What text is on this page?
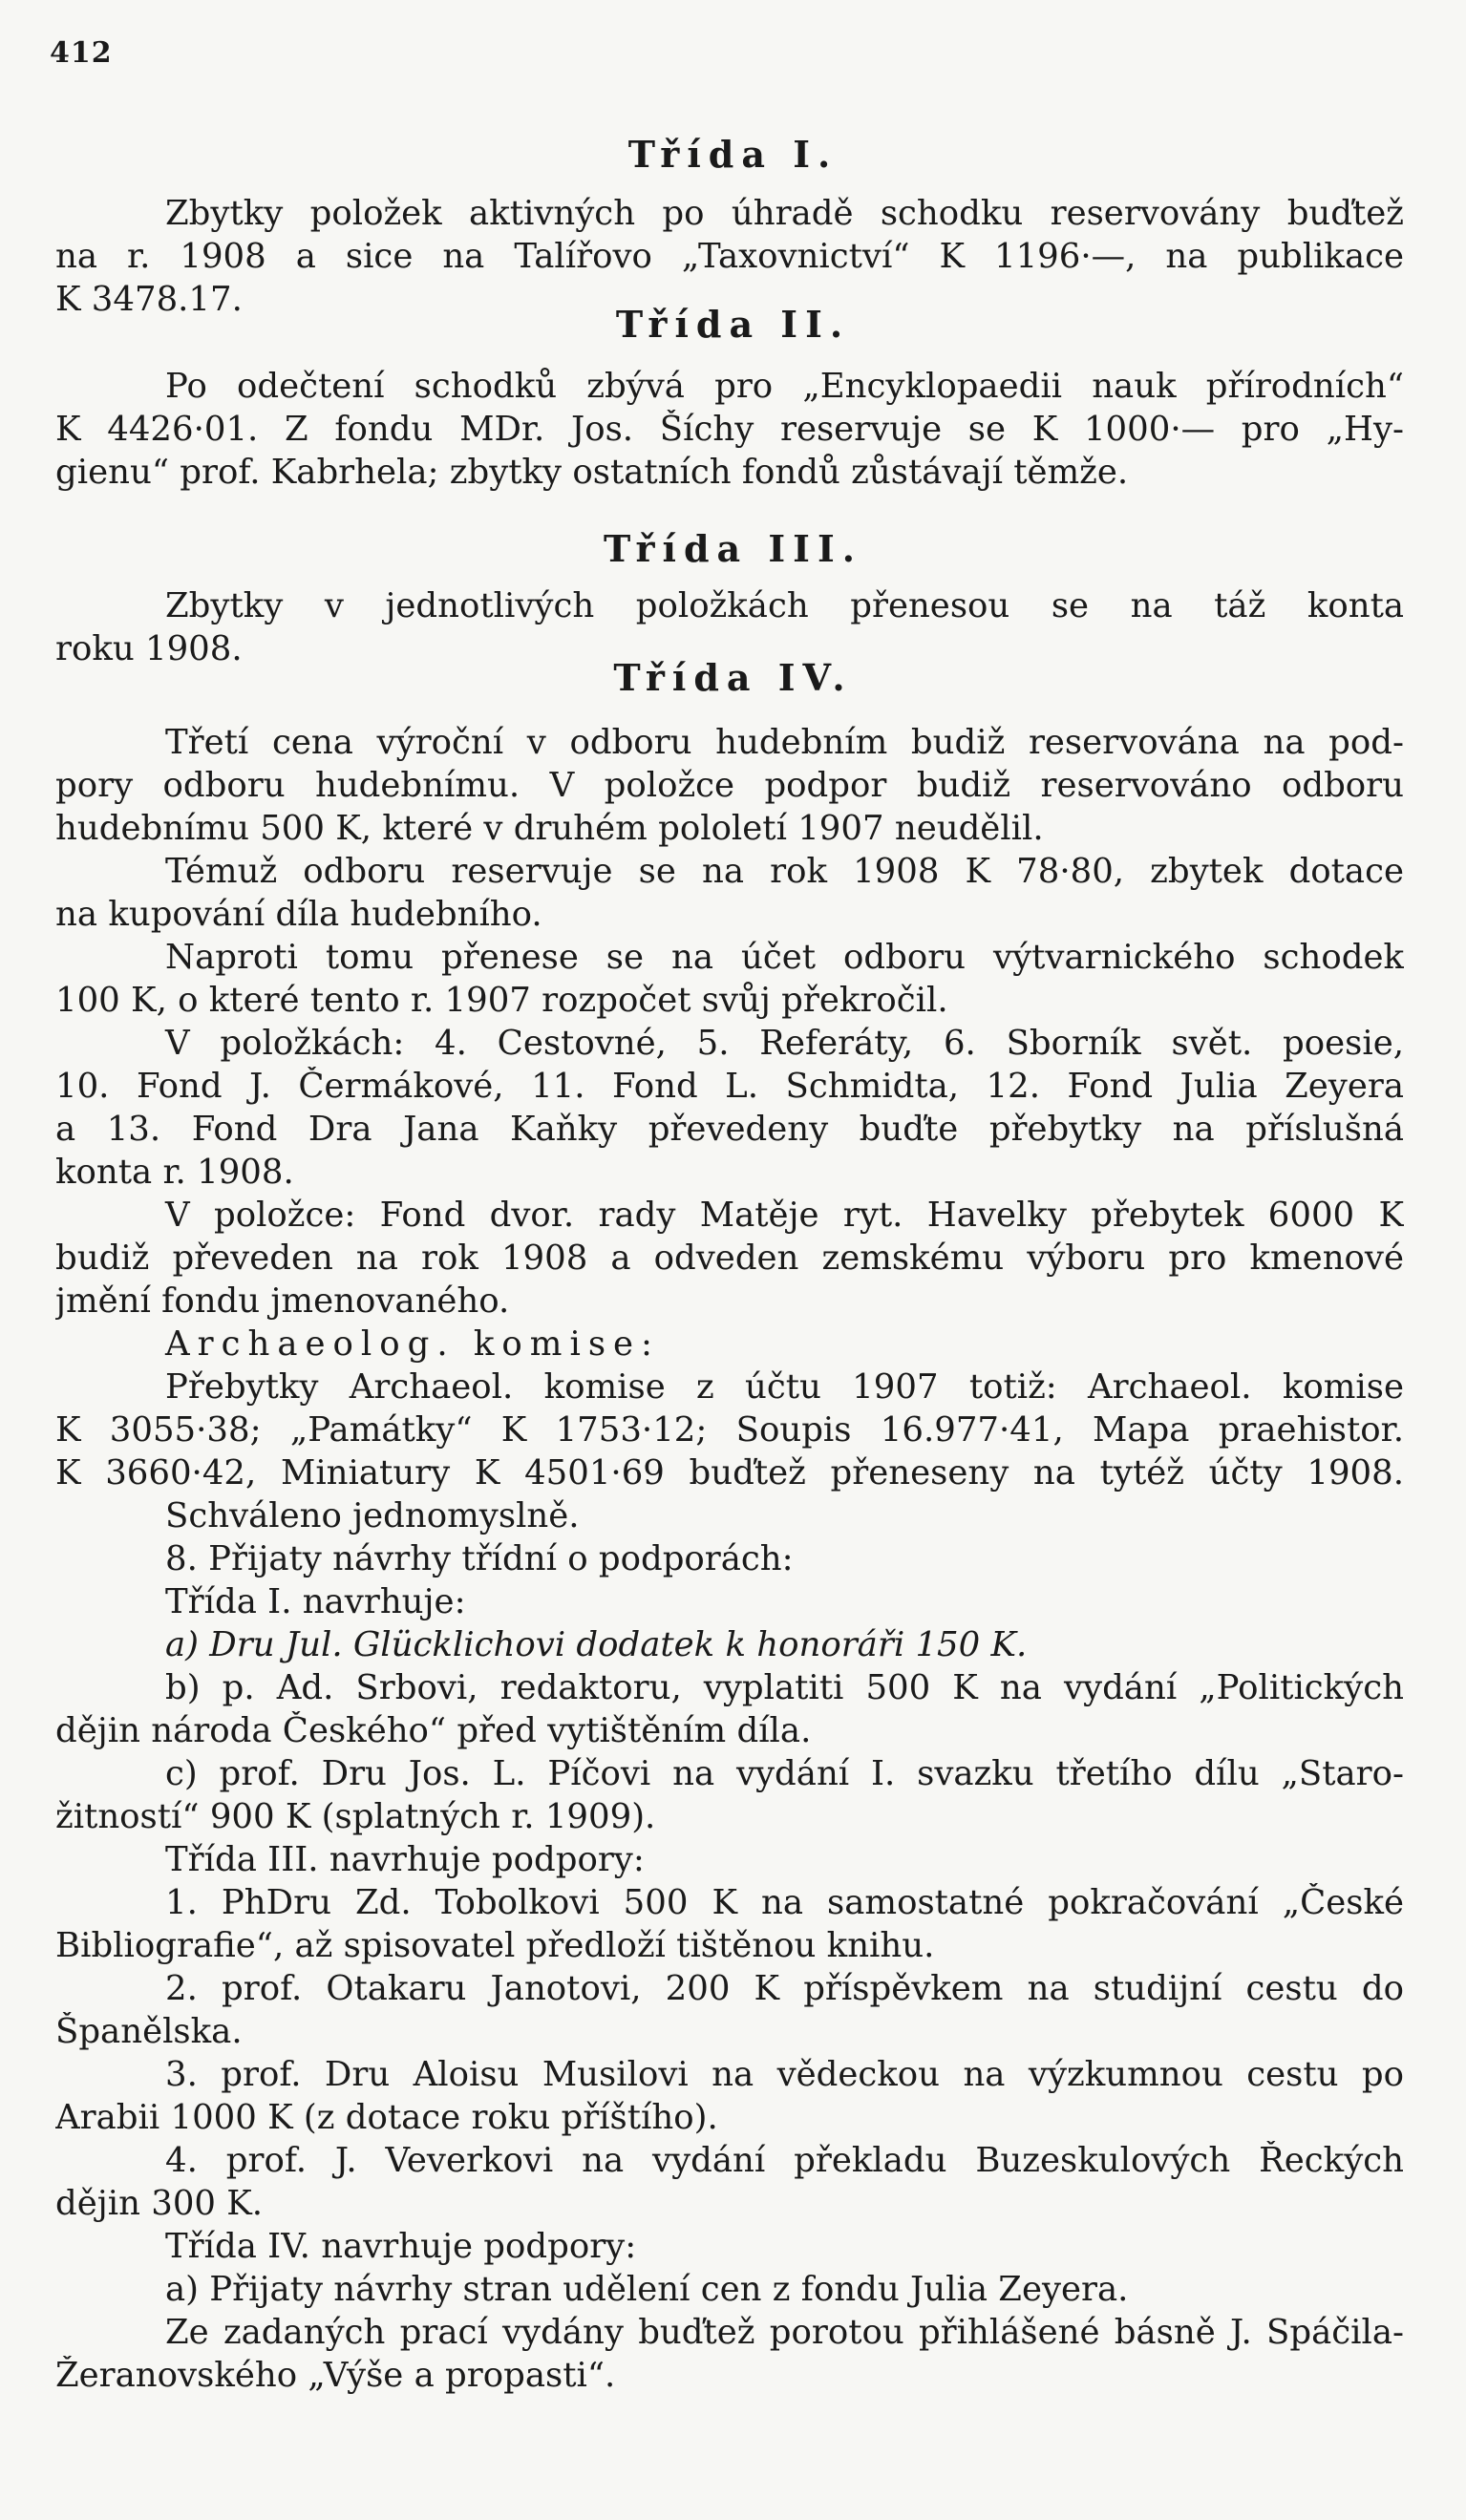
412
Třída I.
Zbytky položek aktivných po úhradě schodku reservovány buďtež
na r. 1908 a sice na Talířovo „Taxovnictví“ K 1196·—, na publikace
K 3478.17.
Třída II.
Po odečtení schodků zbývá pro „Encyklopaedii nauk přírodních“
K 4426·01. Z fondu MDr. Jos. Šíchy reservuje se K 1000·— pro „Hy-
gienu“ prof. Kabrhela; zbytky ostatních fondů zůstávají těmže.
Třída III.
Zbytky v jednotlivých položkách přenesou se na táž konta
roku 1908.
Třída IV.
Třetí cena výroční v odboru hudebním budiž reservována na pod-
pory odboru hudebnímu. V položce podpor budiž reservováno odboru
hudebnímu 500 K, které v druhém pololetí 1907 neudělil.
Témuž odboru reservuje se na rok 1908 K 78·80, zbytek dotace
na kupování díla hudebního.
Naproti tomu přenese se na účet odboru výtvarnického schodek
100 K, o které tento r. 1907 rozpočet svůj překročil.
V položkách: 4. Cestovné, 5. Referáty, 6. Sborník svět. poesie,
10. Fond J. Čermákové, 11. Fond L. Schmidta, 12. Fond Julia Zeyera
a 13. Fond Dra Jana Kaňky převedeny buďte přebytky na příslušná
konta r. 1908.
V položce: Fond dvor. rady Matěje ryt. Havelky přebytek 6000 K
budiž převeden na rok 1908 a odveden zemskému výboru pro kmenové
jmění fondu jmenovaného.
Archaeolog. komise:
Přebytky Archaeol. komise z účtu 1907 totiž: Archaeol. komise
K 3055·38; „Památky“ K 1753·12; Soupis 16.977·41, Mapa praehistor.
K 3660·42, Miniatury K 4501·69 buďtež přeneseny na tytéž účty 1908.
Schváleno jednomyslně.
8. Přijaty návrhy třídní o podporách:
Třída I. navrhuje:
a) Dru Jul. Glücklichovi dodatek k honoráři 150 K.
b) p. Ad. Srbovi, redaktoru, vyplatiti 500 K na vydání „Politických
dějin národa Českého“ před vytištěním díla.
c) prof. Dru Jos. L. Píčovi na vydání I. svazku třetího dílu „Staro-
žitností“ 900 K (splatných r. 1909).
Třída III. navrhuje podpory:
1. PhDru Zd. Tobolkovi 500 K na samostatné pokračování „České
Bibliografie“, až spisovatel předloží tištěnou knihu.
2. prof. Otakaru Janotovi, 200 K příspěvkem na studijní cestu do
Španělska.
3. prof. Dru Aloisu Musilovi na vědeckou na výzkumnou cestu po
Arabii 1000 K (z dotace roku příštího).
4. prof. J. Veverkovi na vydání překladu Buzeskulových Řeckých
dějin 300 K.
Třída IV. navrhuje podpory:
a) Přijaty návrhy stran udělení cen z fondu Julia Zeyera.
Ze zadaných prací vydány buďtež porotou přihlášené básně J. Spáčila-
Žeranovského „Výše a propasti“.
